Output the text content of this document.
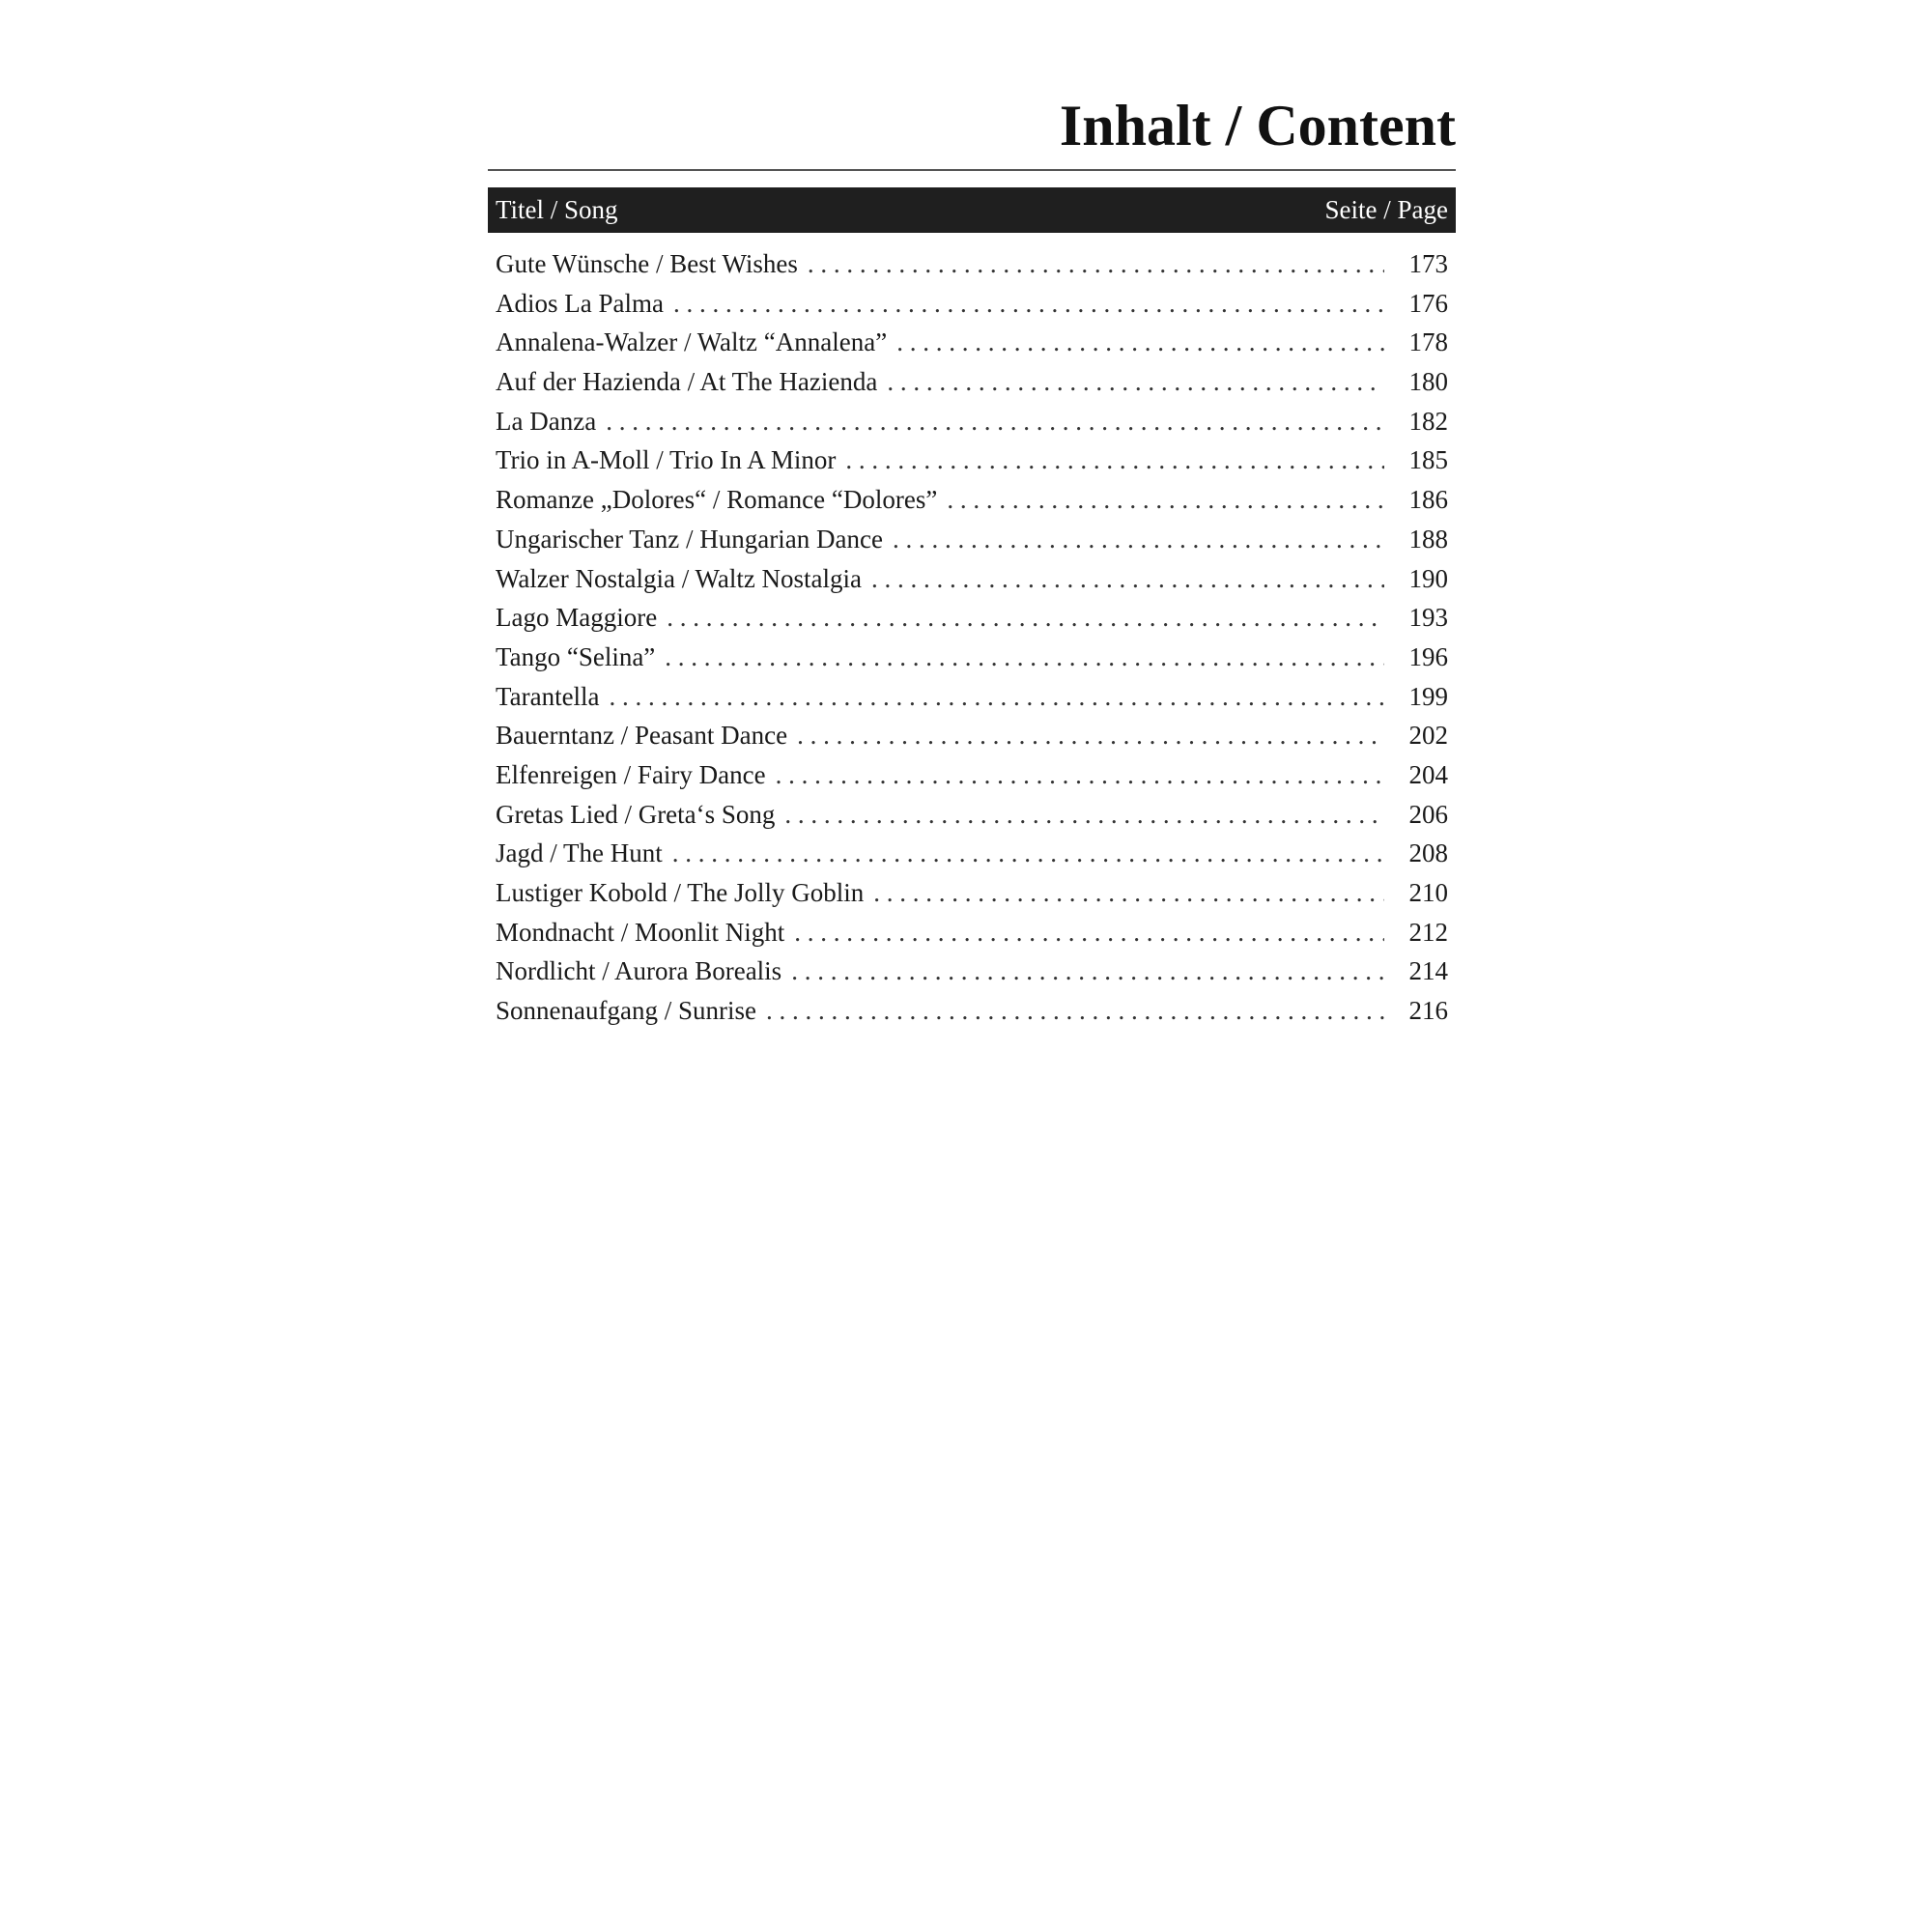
Inhalt / Content
Titel / Song	Seite / Page
Gute Wünsche / Best Wishes . . .	173
Adios La Palma . . .	176
Annalena-Walzer / Waltz “Annalena” . . .	178
Auf der Hazienda / At The Hazienda . . .	180
La Danza . . .	182
Trio in A-Moll / Trio In A Minor . . .	185
Romanze „Dolores“ / Romance “Dolores” . . .	186
Ungarischer Tanz / Hungarian Dance . . .	188
Walzer Nostalgia / Waltz Nostalgia . . .	190
Lago Maggiore . . .	193
Tango “Selina” . . .	196
Tarantella . . .	199
Bauerntanz / Peasant Dance . . .	202
Elfenreigen / Fairy Dance . . .	204
Gretas Lied / Greta‘s Song . . .	206
Jagd / The Hunt . . .	208
Lustiger Kobold / The Jolly Goblin . . .	210
Mondnacht / Moonlit Night . . .	212
Nordlicht / Aurora Borealis . . .	214
Sonnenaufgang / Sunrise . . .	216
